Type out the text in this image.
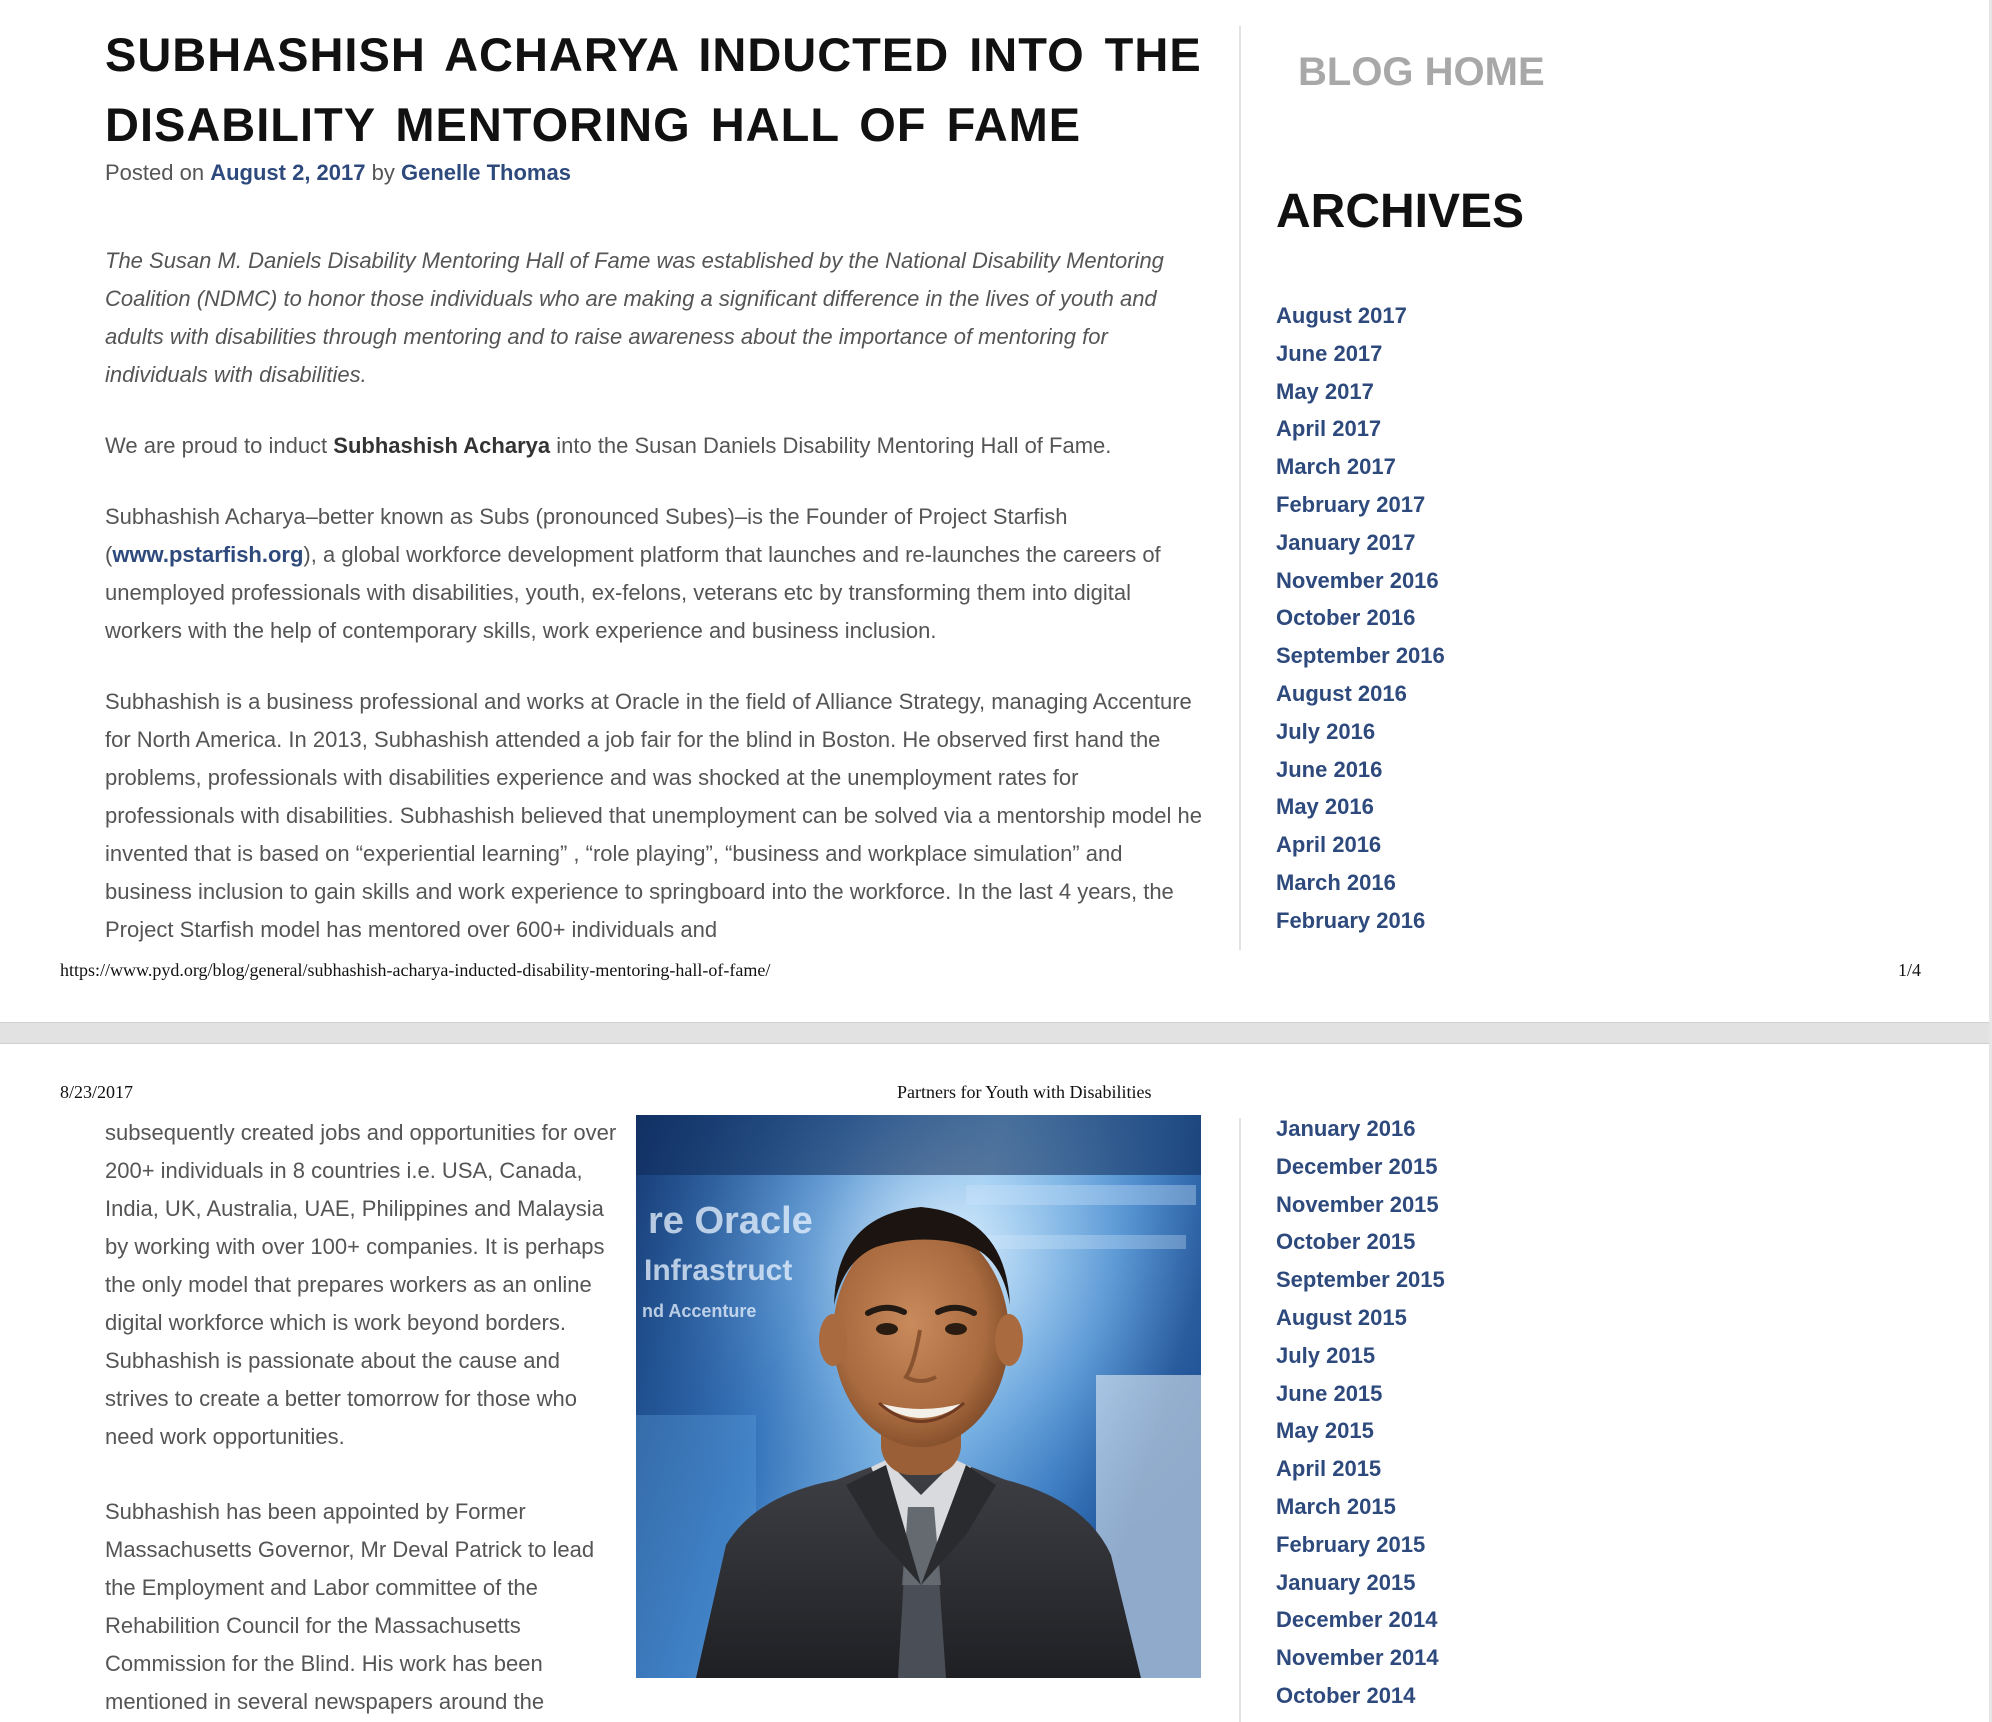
SUBHASHISH ACHARYA INDUCTED INTO THE
DISABILITY MENTORING HALL OF FAME
Posted on August 2, 2017 by Genelle Thomas

The Susan M. Daniels Disability Mentoring Hall of Fame was established by the National Disability Mentoring Coalition (NDMC) to honor those individuals who are making a significant difference in the lives of youth and adults with disabilities through mentoring and to raise awareness about the importance of mentoring for individuals with disabilities.

We are proud to induct Subhashish Acharya into the Susan Daniels Disability Mentoring Hall of Fame.

Subhashish Acharya–better known as Subs (pronounced Subes)–is the Founder of Project Starfish (www.pstarfish.org), a global workforce development platform that launches and re-launches the careers of unemployed professionals with disabilities, youth, ex-felons, veterans etc by transforming them into digital workers with the help of contemporary skills, work experience and business inclusion.

Subhashish is a business professional and works at Oracle in the field of Alliance Strategy, managing Accenture for North America. In 2013, Subhashish attended a job fair for the blind in Boston. He observed first hand the problems, professionals with disabilities experience and was shocked at the unemployment rates for professionals with disabilities. Subhashish believed that unemployment can be solved via a mentorship model he invented that is based on “experiential learning” , “role playing”, “business and workplace simulation” and business inclusion to gain skills and work experience to springboard into the workforce. In the last 4 years, the Project Starfish model has mentored over 600+ individuals and

BLOG HOME
ARCHIVES
August 2017
June 2017
May 2017
April 2017
March 2017
February 2017
January 2017
November 2016
October 2016
September 2016
August 2016
July 2016
June 2016
May 2016
April 2016
March 2016
February 2016
https://www.pyd.org/blog/general/subhashish-acharya-inducted-disability-mentoring-hall-of-fame/	1/4
8/23/2017	Partners for Youth with Disabilities

subsequently created jobs and opportunities for over 200+ individuals in 8 countries i.e. USA, Canada, India, UK, Australia, UAE, Philippines and Malaysia by working with over 100+ companies. It is perhaps the only model that prepares workers as an online digital workforce which is work beyond borders. Subhashish is passionate about the cause and strives to create a better tomorrow for those who need work opportunities.

Subhashish has been appointed by Former Massachusetts Governor, Mr Deval Patrick to lead the Employment and Labor committee of the Rehabilition Council for the Massachusetts Commission for the Blind. His work has been mentioned in several newspapers around the

re Oracle
Infrastruct
nd Accenture
January 2016
December 2015
November 2015
October 2015
September 2015
August 2015
July 2015
June 2015
May 2015
April 2015
March 2015
February 2015
January 2015
December 2014
November 2014
October 2014
